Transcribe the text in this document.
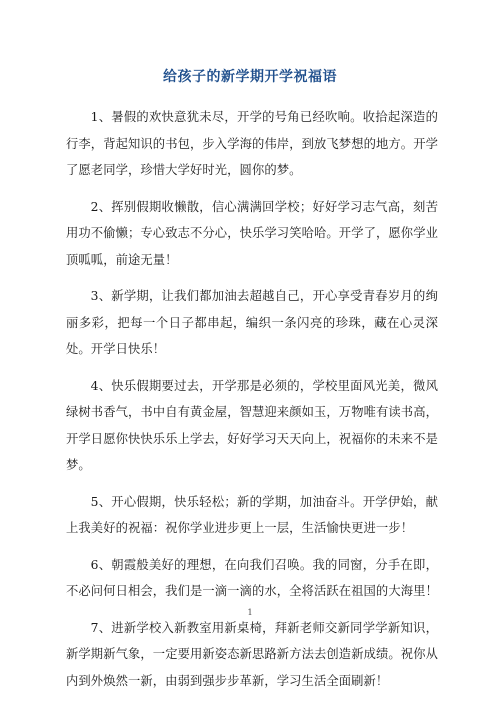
给孩子的新学期开学祝福语

1、暑假的欢快意犹未尽，开学的号角已经吹响。收拾起深造的行李，背起知识的书包，步入学海的伟岸，到放飞梦想的地方。开学了愿老同学，珍惜大学好时光，圆你的梦。

2、挥别假期收懒散，信心满满回学校；好好学习志气高，刻苦用功不偷懒；专心致志不分心，快乐学习笑哈哈。开学了，愿你学业顶呱呱，前途无量！

3、新学期，让我们都加油去超越自己，开心享受青春岁月的绚丽多彩，把每一个日子都串起，编织一条闪亮的珍珠，藏在心灵深处。开学日快乐！

4、快乐假期要过去，开学那是必须的，学校里面风光美，微风绿树书香气，书中自有黄金屋，智慧迎来颜如玉，万物唯有读书高，开学日愿你快快乐乐上学去，好好学习天天向上，祝福你的未来不是梦。

5、开心假期，快乐轻松；新的学期，加油奋斗。开学伊始，献上我美好的祝福：祝你学业进步更上一层，生活愉快更进一步！

6、朝霞般美好的理想，在向我们召唤。我的同窗，分手在即，不必问何日相会，我们是一滴一滴的水，全将活跃在祖国的大海里！

7、进新学校入新教室用新桌椅，拜新老师交新同学学新知识，新学期新气象，一定要用新姿态新思路新方法去创造新成绩。祝你从内到外焕然一新，由弱到强步步革新，学习生活全面刷新！

1
